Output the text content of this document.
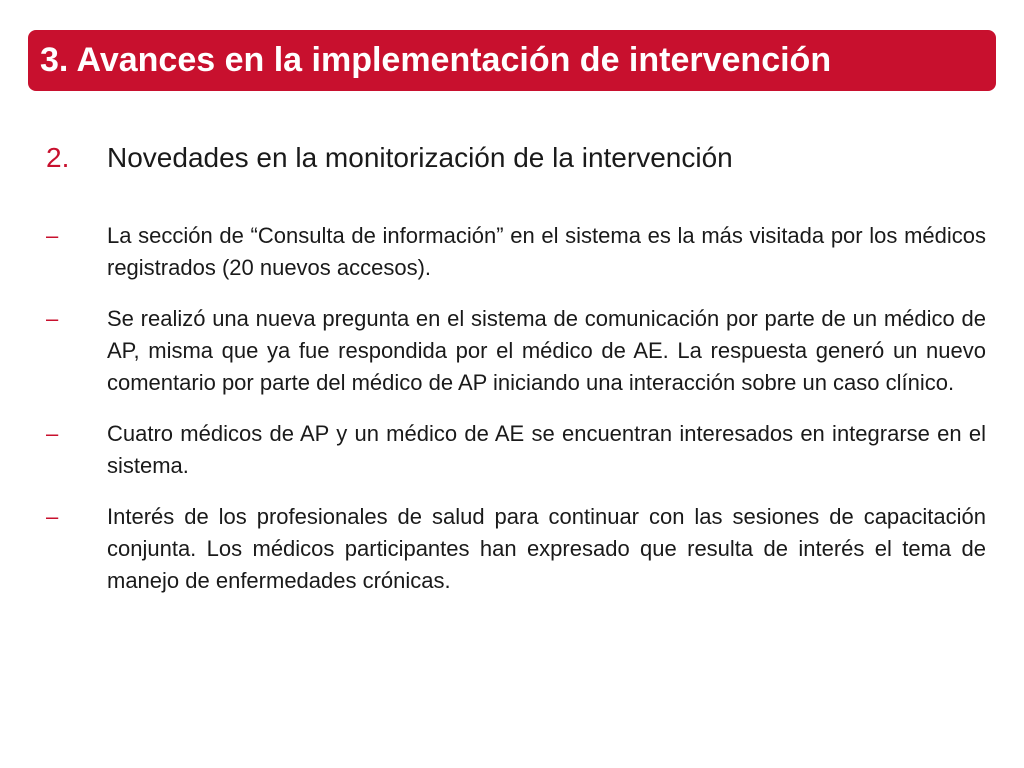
3. Avances en la implementación de intervención
2. Novedades en la monitorización de la intervención
–	La sección de “Consulta de información” en el sistema es la más visitada por los médicos registrados (20 nuevos accesos).
–	Se realizó una nueva pregunta en el sistema de comunicación por parte de un médico de AP, misma que ya fue respondida por el médico de AE. La respuesta generó un nuevo comentario por parte del médico de AP iniciando una interacción sobre un caso clínico.
–	Cuatro médicos de AP y un médico de AE se encuentran interesados en integrarse en el sistema.
–	Interés de los profesionales de salud para continuar con las sesiones de capacitación conjunta. Los médicos participantes han expresado que resulta de interés el tema de manejo de enfermedades crónicas.
